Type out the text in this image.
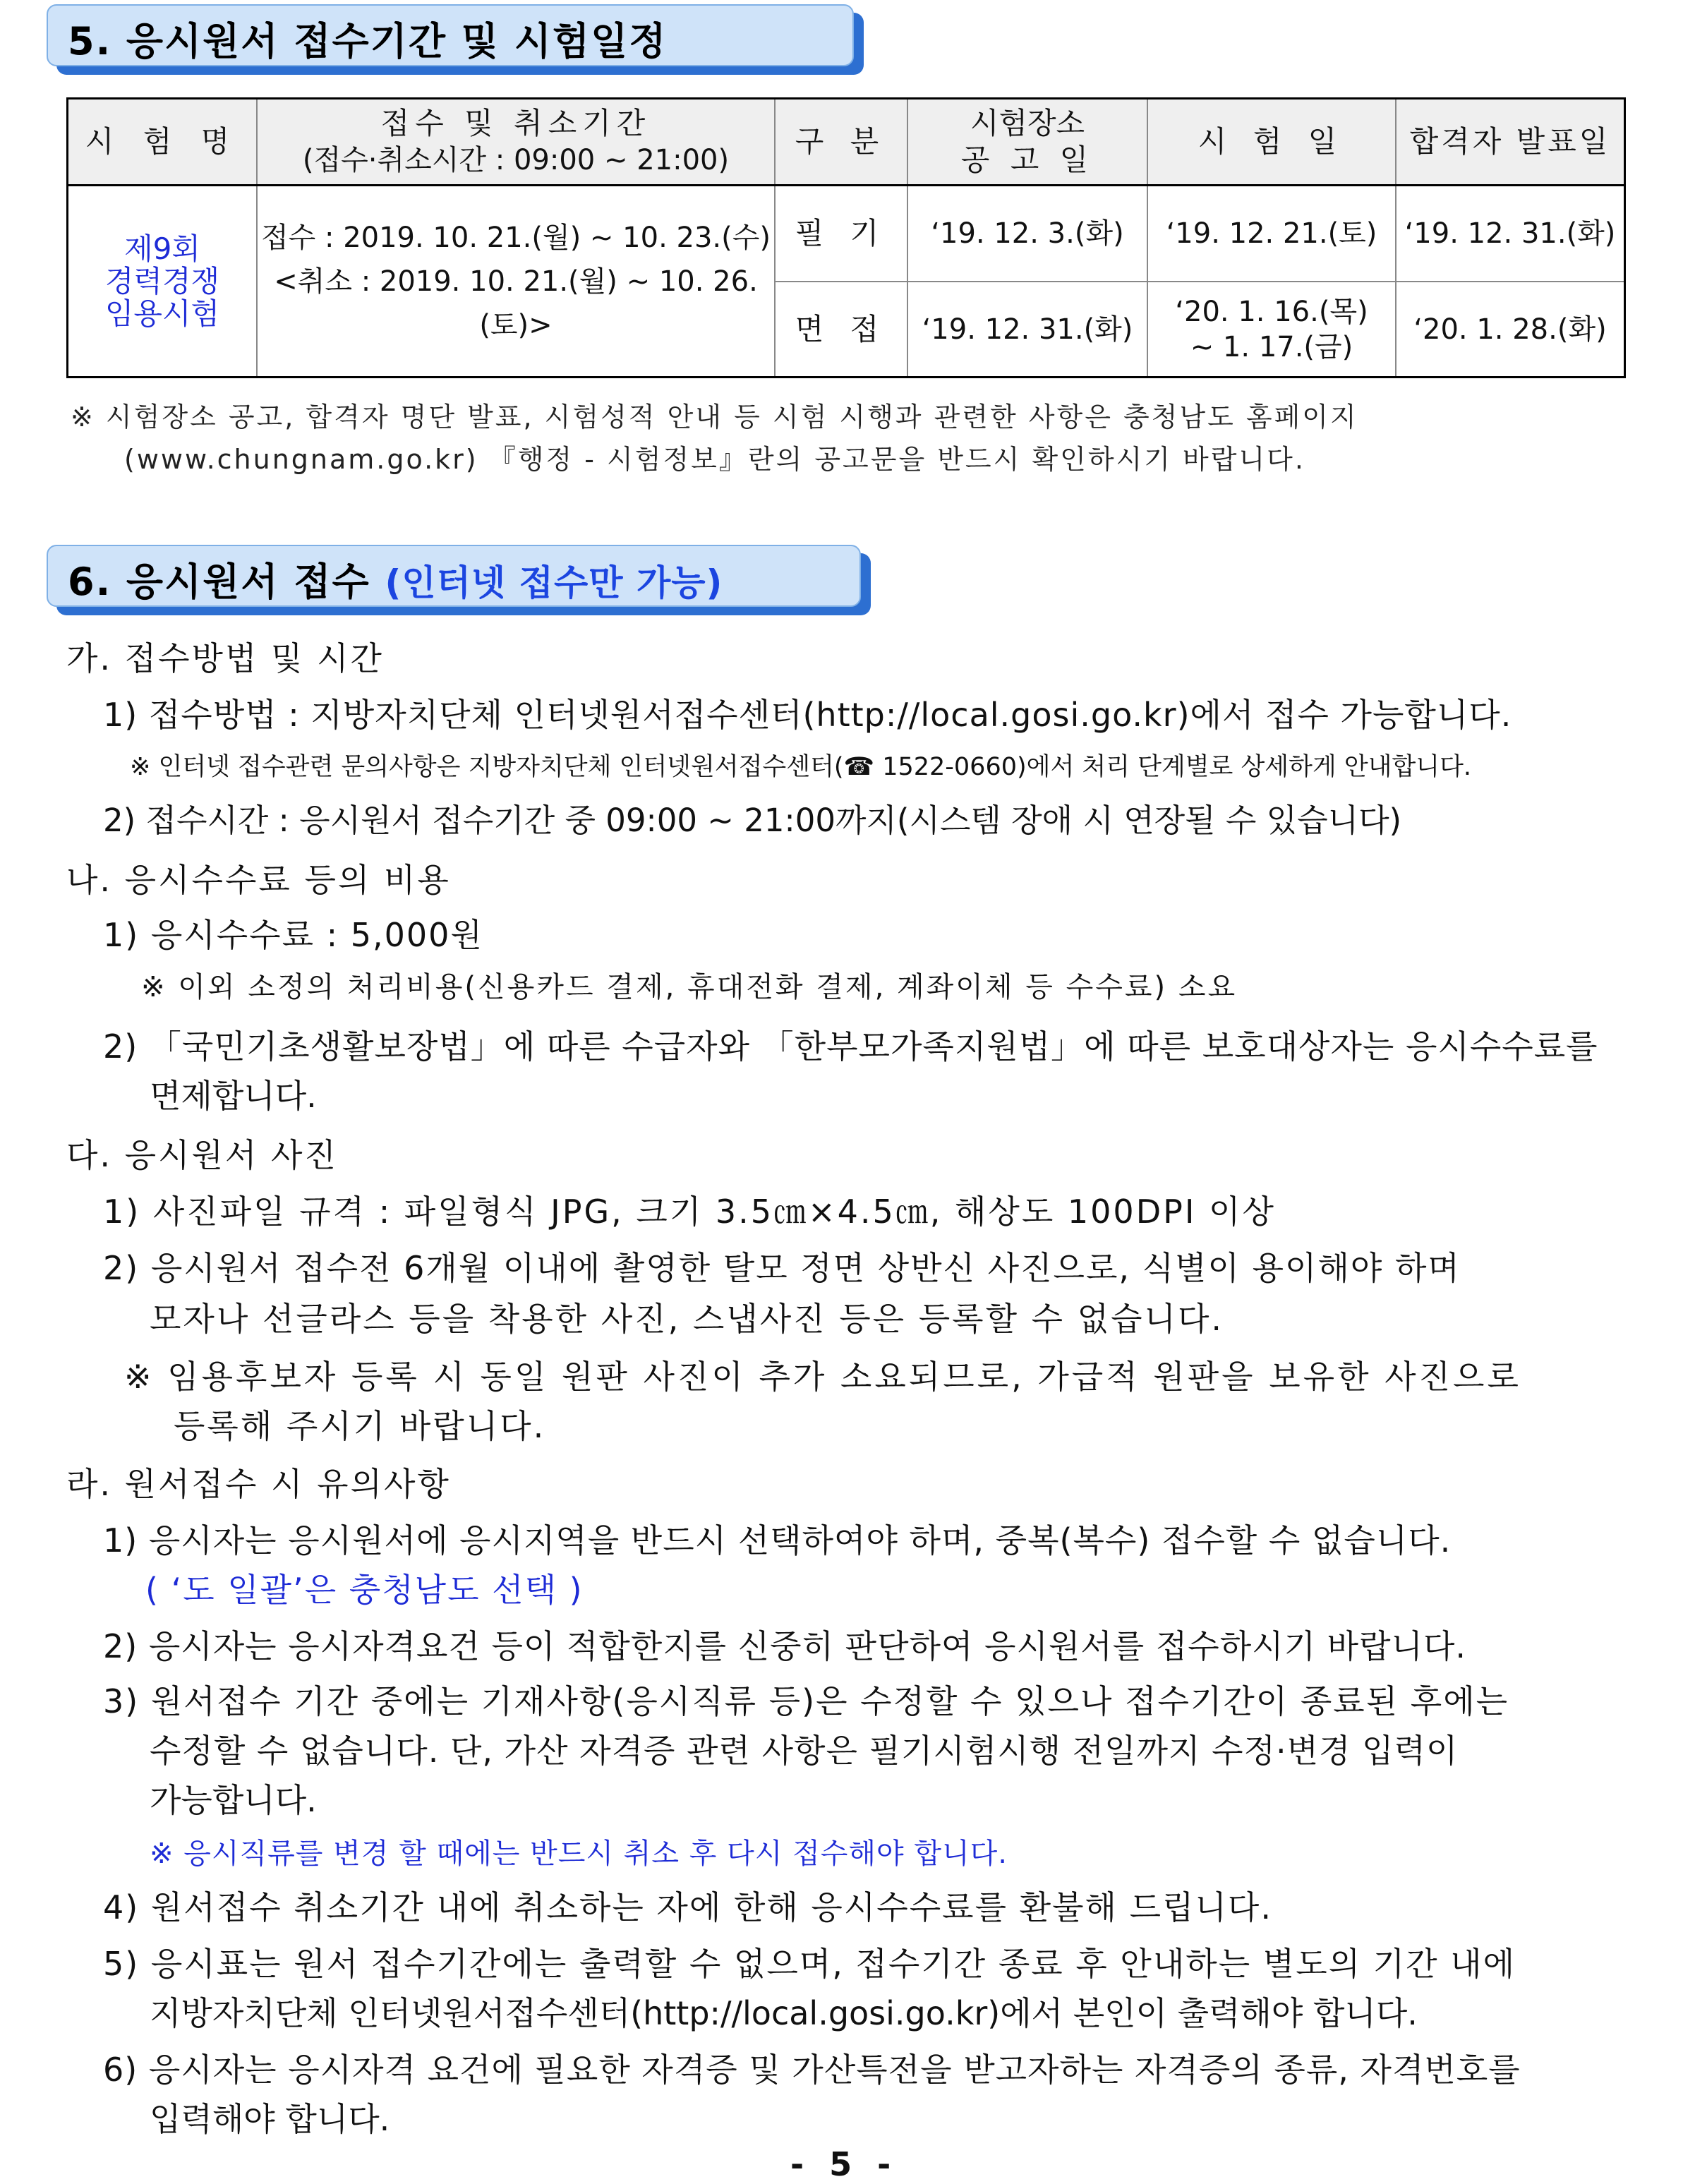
5. 응시원서 접수기간 및 시험일정
시 험 명
접수 및 취소기간
(접수·취소시간 : 09:00 ~ 21:00)
구 분
시험장소
공 고 일
시 험 일 합격자 발표일
제9회
경력경쟁
임용시험
접수 : 2019. 10. 21.(월) ~ 10. 23.(수)
<취소 : 2019. 10. 21.(월) ~ 10. 26.(토)>
필 기 ‘19. 12. 3.(화) ‘19. 12. 21.(토) ‘19. 12. 31.(화)
면 접 ‘19. 12. 31.(화)
‘20. 1. 16.(목)
~ 1. 17.(금)
‘20. 1. 28.(화)
※ 시험장소 공고, 합격자 명단 발표, 시험성적 안내 등 시험 시행과 관련한 사항은 충청남도 홈페이지
(www.chungnam.go.kr) 『행정 - 시험정보』란의 공고문을 반드시 확인하시기 바랍니다.
6. 응시원서 접수 (인터넷 접수만 가능)
가. 접수방법 및 시간
1) 접수방법 : 지방자치단체 인터넷원서접수센터(http://local.gosi.go.kr)에서 접수 가능합니다.
※ 인터넷 접수관련 문의사항은 지방자치단체 인터넷원서접수센터(☎ 1522-0660)에서 처리 단계별로 상세하게 안내합니다.
2) 접수시간 : 응시원서 접수기간 중 09:00 ~ 21:00까지(시스템 장애 시 연장될 수 있습니다)
나. 응시수수료 등의 비용
1) 응시수수료 : 5,000원
※ 이외 소정의 처리비용(신용카드 결제, 휴대전화 결제, 계좌이체 등 수수료) 소요
2) 「국민기초생활보장법」에 따른 수급자와 「한부모가족지원법」에 따른 보호대상자는 응시수수료를
면제합니다.
다. 응시원서 사진
1) 사진파일 규격 : 파일형식 JPG, 크기 3.5㎝×4.5㎝, 해상도 100DPI 이상
2) 응시원서 접수전 6개월 이내에 촬영한 탈모 정면 상반신 사진으로, 식별이 용이해야 하며
모자나 선글라스 등을 착용한 사진, 스냅사진 등은 등록할 수 없습니다.
※ 임용후보자 등록 시 동일 원판 사진이 추가 소요되므로, 가급적 원판을 보유한 사진으로
등록해 주시기 바랍니다.
라. 원서접수 시 유의사항
1) 응시자는 응시원서에 응시지역을 반드시 선택하여야 하며, 중복(복수) 접수할 수 없습니다.
( ‘도 일괄’은 충청남도 선택 )
2) 응시자는 응시자격요건 등이 적합한지를 신중히 판단하여 응시원서를 접수하시기 바랍니다.
3) 원서접수 기간 중에는 기재사항(응시직류 등)은 수정할 수 있으나 접수기간이 종료된 후에는
수정할 수 없습니다. 단, 가산 자격증 관련 사항은 필기시험시행 전일까지 수정·변경 입력이
가능합니다.
※ 응시직류를 변경 할 때에는 반드시 취소 후 다시 접수해야 합니다.
4) 원서접수 취소기간 내에 취소하는 자에 한해 응시수수료를 환불해 드립니다.
5) 응시표는 원서 접수기간에는 출력할 수 없으며, 접수기간 종료 후 안내하는 별도의 기간 내에
지방자치단체 인터넷원서접수센터(http://local.gosi.go.kr)에서 본인이 출력해야 합니다.
6) 응시자는 응시자격 요건에 필요한 자격증 및 가산특전을 받고자하는 자격증의 종류, 자격번호를
입력해야 합니다.
- 5 -
